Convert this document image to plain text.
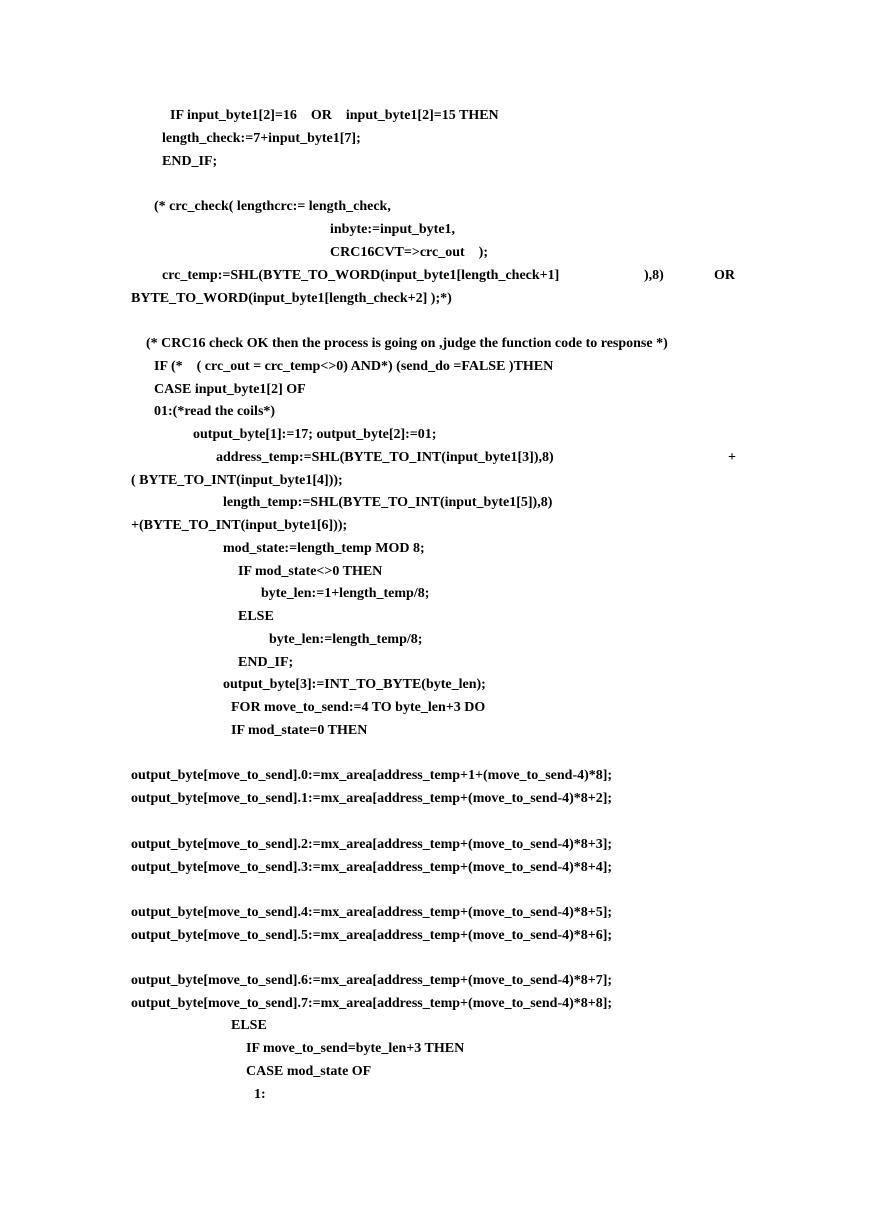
IF input_byte1[2]=16    OR    input_byte1[2]=15 THEN

length_check:=7+input_byte1[7];

END_IF;

(* crc_check( lengthcrc:= length_check,

inbyte:=input_byte1,

CRC16CVT=>crc_out    );

crc_temp:=SHL(BYTE_TO_WORD(input_byte1[length_check+1]	),8)	OR

BYTE_TO_WORD(input_byte1[length_check+2] );*)

(* CRC16 check OK then the process is going on ,judge the function code to response *)

IF (*    ( crc_out = crc_temp<>0) AND*) (send_do =FALSE )THEN

CASE input_byte1[2] OF

01:(*read the coils*)

output_byte[1]:=17; output_byte[2]:=01;

address_temp:=SHL(BYTE_TO_INT(input_byte1[3]),8)	+

( BYTE_TO_INT(input_byte1[4]));

length_temp:=SHL(BYTE_TO_INT(input_byte1[5]),8)

+(BYTE_TO_INT(input_byte1[6]));

mod_state:=length_temp MOD 8;

IF mod_state<>0 THEN

byte_len:=1+length_temp/8;

ELSE

byte_len:=length_temp/8;

END_IF;

output_byte[3]:=INT_TO_BYTE(byte_len);

FOR move_to_send:=4 TO byte_len+3 DO

IF mod_state=0 THEN

output_byte[move_to_send].0:=mx_area[address_temp+1+(move_to_send-4)*8];

output_byte[move_to_send].1:=mx_area[address_temp+(move_to_send-4)*8+2];

output_byte[move_to_send].2:=mx_area[address_temp+(move_to_send-4)*8+3];

output_byte[move_to_send].3:=mx_area[address_temp+(move_to_send-4)*8+4];

output_byte[move_to_send].4:=mx_area[address_temp+(move_to_send-4)*8+5];

output_byte[move_to_send].5:=mx_area[address_temp+(move_to_send-4)*8+6];

output_byte[move_to_send].6:=mx_area[address_temp+(move_to_send-4)*8+7];

output_byte[move_to_send].7:=mx_area[address_temp+(move_to_send-4)*8+8];

ELSE

IF move_to_send=byte_len+3 THEN

CASE mod_state OF

1:
